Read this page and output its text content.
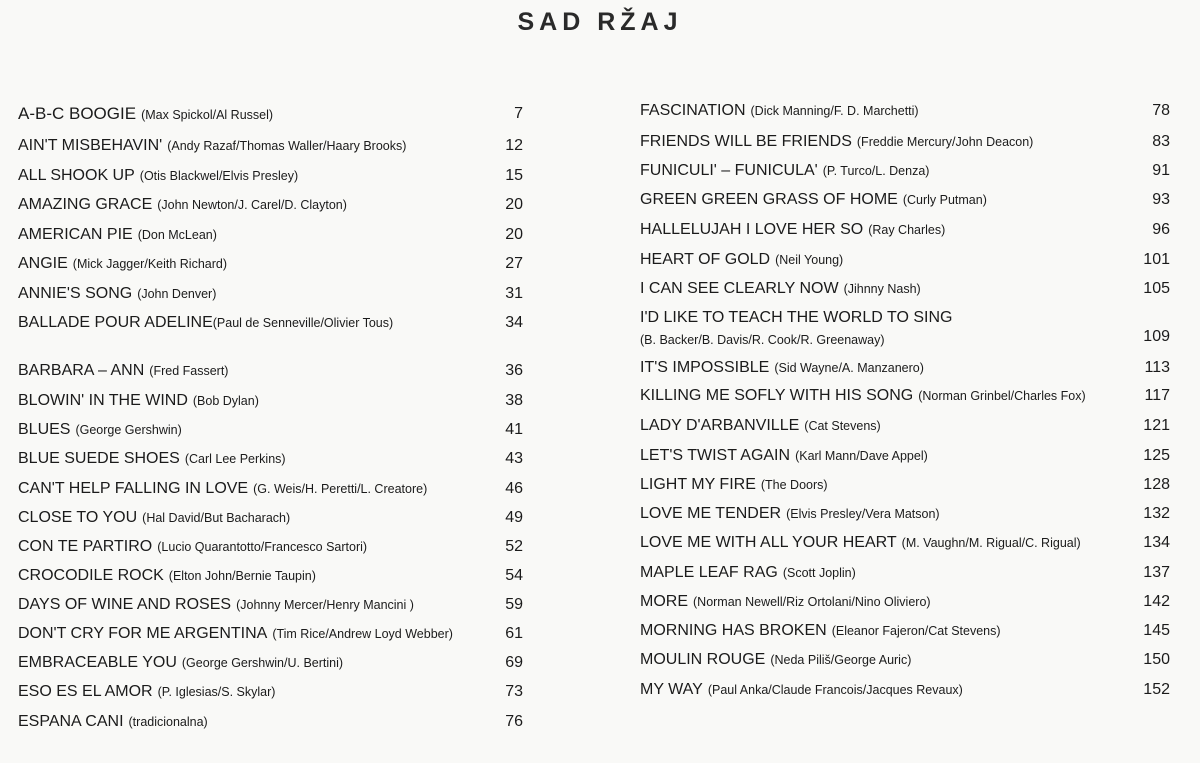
SAD RŽAJ
A-B-C BOOGIE (Max Spickol/Al Russel)	7
AIN'T MISBEHAVIN' (Andy Razaf/Thomas Waller/Haary Brooks)	12
ALL SHOOK UP (Otis Blackwel/Elvis Presley)	15
AMAZING GRACE (John Newton/J. Carel/D. Clayton)	20
AMERICAN PIE (Don McLean)	20
ANGIE (Mick Jagger/Keith Richard)	27
ANNIE'S SONG (John Denver)	31
BALLADE POUR ADELINE(Paul de Senneville/Olivier Tous)	34
BARBARA – ANN (Fred Fassert)	36
BLOWIN' IN THE WIND (Bob Dylan)	38
BLUES (George Gershwin)	41
BLUE SUEDE SHOES (Carl Lee Perkins)	43
CAN'T HELP FALLING IN LOVE (G. Weis/H. Peretti/L. Creatore)	46
CLOSE TO YOU (Hal David/But Bacharach)	49
CON TE PARTIRO (Lucio Quarantotto/Francesco Sartori)	52
CROCODILE ROCK (Elton John/Bernie Taupin)	54
DAYS OF WINE AND ROSES (Johnny Mercer/Henry Mancini )	59
DON'T CRY FOR ME ARGENTINA (Tim Rice/Andrew Loyd Webber)	61
EMBRACEABLE YOU (George Gershwin/U. Bertini)	69
ESO ES EL AMOR (P. Iglesias/S. Skylar)	73
ESPANA CANI (tradicionalna)	76
FASCINATION (Dick Manning/F. D. Marchetti)	78
FRIENDS WILL BE FRIENDS (Freddie Mercury/John Deacon)	83
FUNICULI' – FUNICULA' (P. Turco/L. Denza)	91
GREEN GREEN GRASS OF HOME (Curly Putman)	93
HALLELUJAH I LOVE HER SO (Ray Charles)	96
HEART OF GOLD (Neil Young)	101
I CAN SEE CLEARLY NOW (Jihnny Nash)	105
I'D LIKE TO TEACH THE WORLD TO SING
(B. Backer/B. Davis/R. Cook/R. Greenaway)	109
IT'S IMPOSSIBLE (Sid Wayne/A. Manzanero)	113
KILLING ME SOFLY WITH HIS SONG (Norman Grinbel/Charles Fox)	117
LADY D'ARBANVILLE (Cat Stevens)	121
LET'S TWIST AGAIN (Karl Mann/Dave Appel)	125
LIGHT MY FIRE (The Doors)	128
LOVE ME TENDER (Elvis Presley/Vera Matson)	132
LOVE ME WITH ALL YOUR HEART (M. Vaughn/M. Rigual/C. Rigual)	134
MAPLE LEAF RAG (Scott Joplin)	137
MORE (Norman Newell/Riz Ortolani/Nino Oliviero)	142
MORNING HAS BROKEN (Eleanor Fajeron/Cat Stevens)	145
MOULIN ROUGE (Neda Piliš/George Auric)	150
MY WAY (Paul Anka/Claude Francois/Jacques Revaux)	152
